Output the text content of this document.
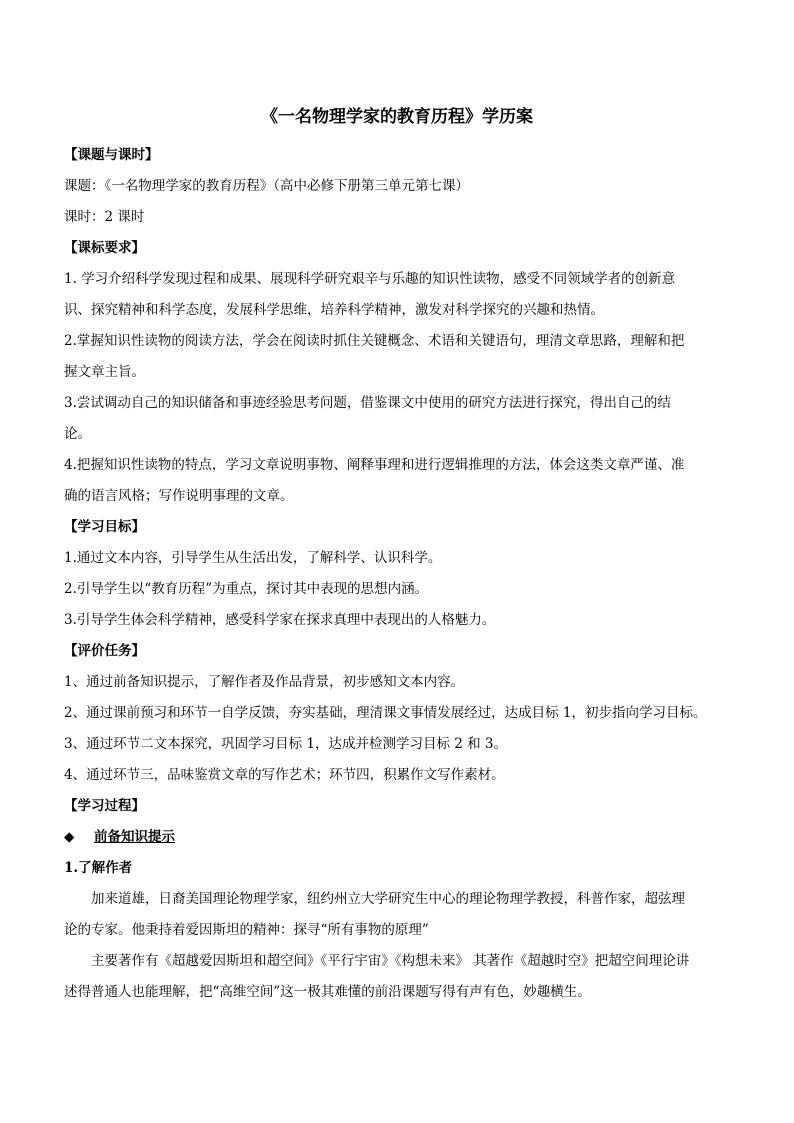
《一名物理学家的教育历程》学历案

【课题与课时】

课题：《一名物理学家的教育历程》（高中必修下册第三单元第七课）

课时：2 课时

【课标要求】

1. 学习介绍科学发现过程和成果、展现科学研究艰辛与乐趣的知识性读物，感受不同领域学者的创新意

识、探究精神和科学态度，发展科学思维，培养科学精神，激发对科学探究的兴趣和热情。

2.掌握知识性读物的阅读方法，学会在阅读时抓住关键概念、术语和关键语句，理清文章思路，理解和把

握文章主旨。

3.尝试调动自己的知识储备和事迹经验思考问题，借鉴课文中使用的研究方法进行探究，得出自己的结

论。

4.把握知识性读物的特点，学习文章说明事物、阐释事理和进行逻辑推理的方法，体会这类文章严谨、准

确的语言风格；写作说明事理的文章。

【学习目标】

1.通过文本内容，引导学生从生活出发，了解科学、认识科学。

2.引导学生以“教育历程”为重点，探讨其中表现的思想内涵。

3.引导学生体会科学精神，感受科学家在探求真理中表现出的人格魅力。

【评价任务】

1、通过前备知识提示，了解作者及作品背景，初步感知文本内容。

2、通过课前预习和环节一自学反馈，夯实基础，理清课文事情发展经过，达成目标 1，初步指向学习目标。

3、通过环节二文本探究，巩固学习目标 1，达成并检测学习目标 2 和 3。

4、通过环节三，品味鉴赏文章的写作艺术；环节四，积累作文写作素材。

【学习过程】

◆ 前备知识提示

1.了解作者

加来道雄，日裔美国理论物理学家，纽约州立大学研究生中心的理论物理学教授，科普作家，超弦理

论的专家。他秉持着爱因斯坦的精神：探寻“所有事物的原理”

主要著作有《超越爱因斯坦和超空间》《平行宇宙》《构想未来》 其著作《超越时空》把超空间理论讲

述得普通人也能理解，把“高维空间”这一极其难懂的前沿课题写得有声有色，妙趣横生。
